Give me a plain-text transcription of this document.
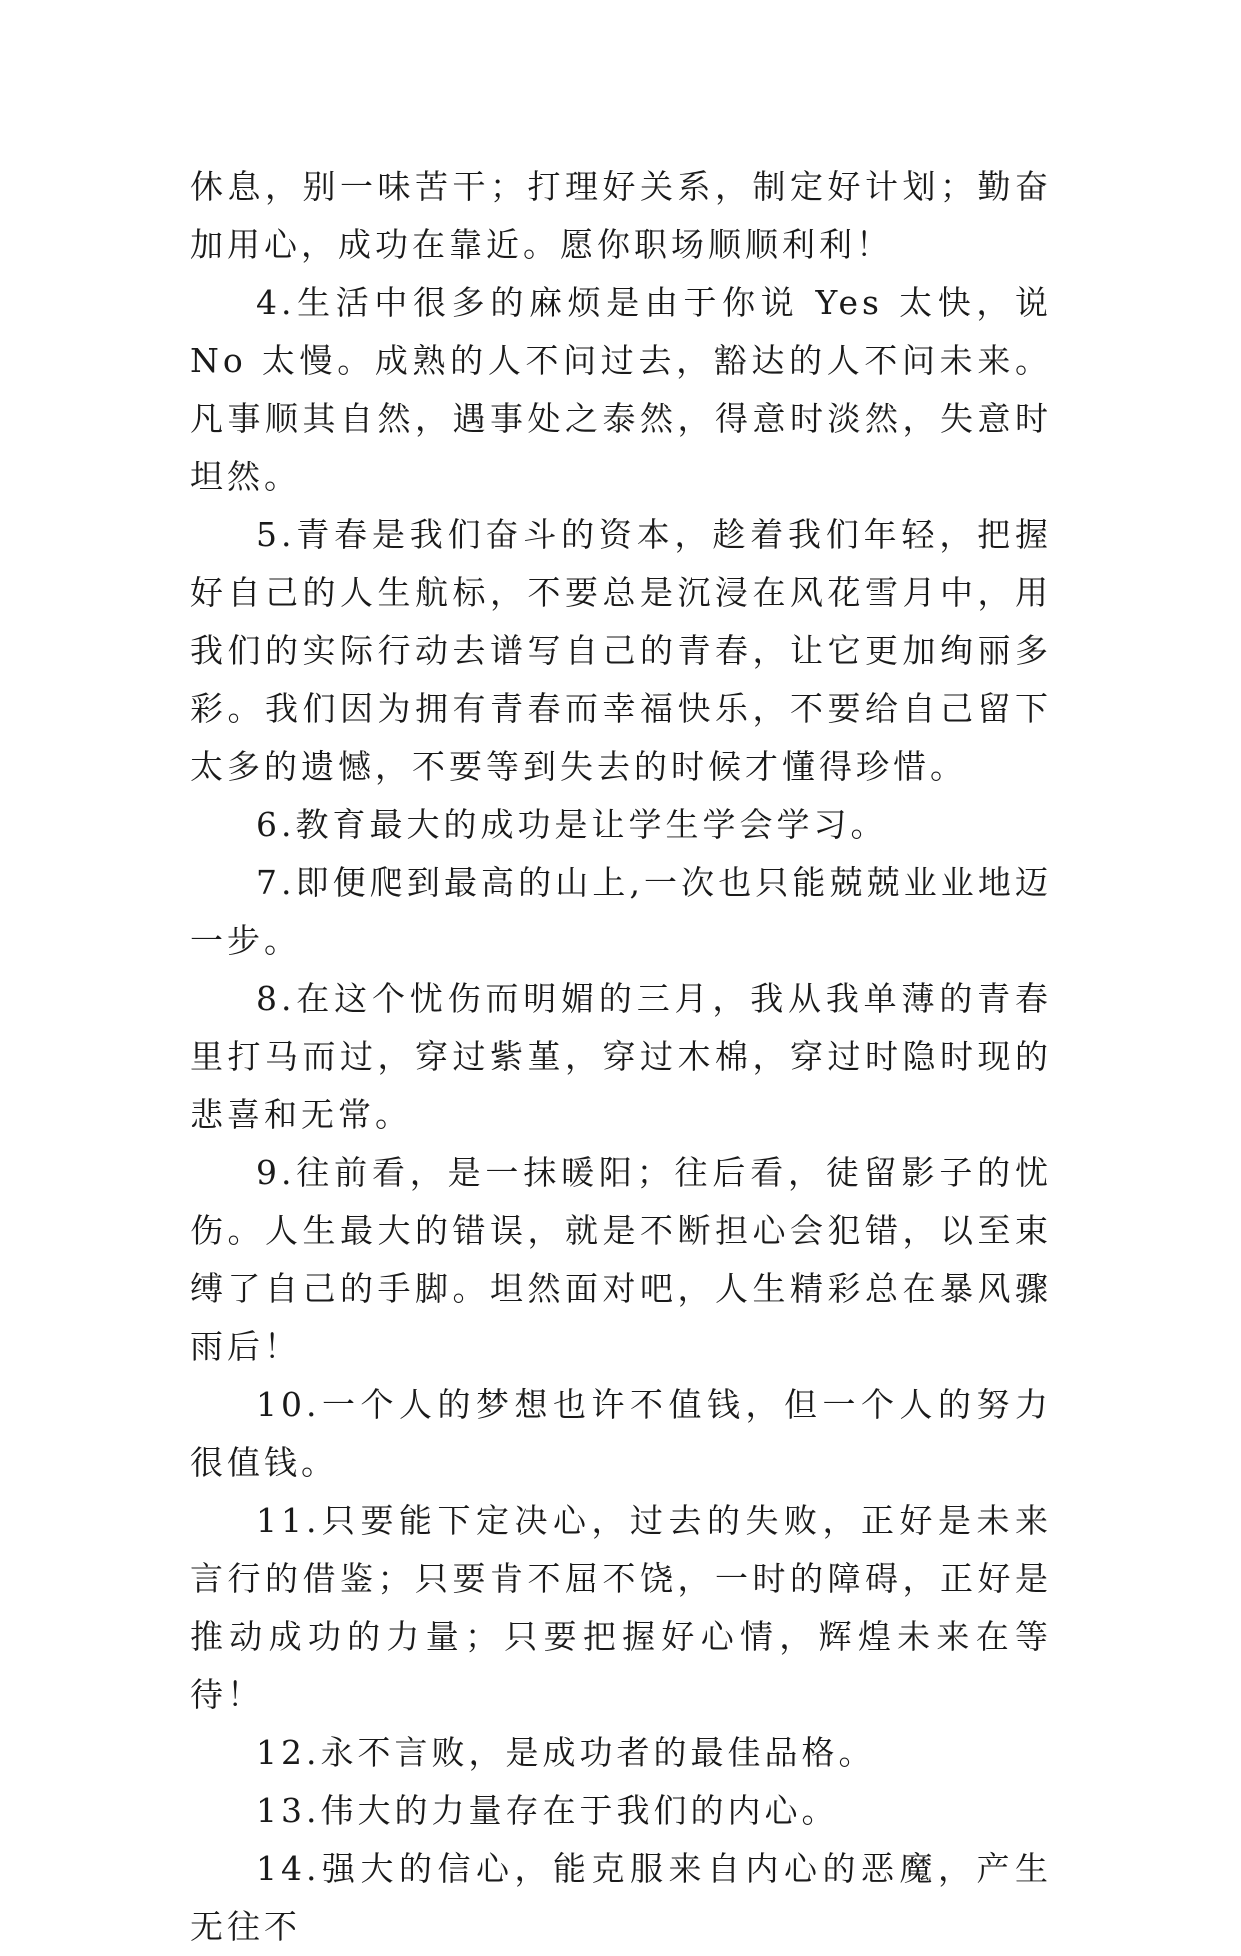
休息，别一味苦干；打理好关系，制定好计划；勤奋加用心，成功在靠近。愿你职场顺顺利利！

4.生活中很多的麻烦是由于你说 Yes 太快，说 No 太慢。成熟的人不问过去，豁达的人不问未来。凡事顺其自然，遇事处之泰然，得意时淡然，失意时坦然。

5.青春是我们奋斗的资本，趁着我们年轻，把握好自己的人生航标，不要总是沉浸在风花雪月中，用我们的实际行动去谱写自己的青春，让它更加绚丽多彩。我们因为拥有青春而幸福快乐，不要给自己留下太多的遗憾，不要等到失去的时候才懂得珍惜。

6.教育最大的成功是让学生学会学习。

7.即便爬到最高的山上,一次也只能兢兢业业地迈一步。

8.在这个忧伤而明媚的三月，我从我单薄的青春里打马而过，穿过紫堇，穿过木棉，穿过时隐时现的悲喜和无常。

9.往前看，是一抹暖阳；往后看，徒留影子的忧伤。人生最大的错误，就是不断担心会犯错，以至束缚了自己的手脚。坦然面对吧，人生精彩总在暴风骤雨后！

10.一个人的梦想也许不值钱，但一个人的努力很值钱。

11.只要能下定决心，过去的失败，正好是未来言行的借鉴；只要肯不屈不饶，一时的障碍，正好是推动成功的力量；只要把握好心情，辉煌未来在等待！

12.永不言败，是成功者的最佳品格。

13.伟大的力量存在于我们的内心。

14.强大的信心，能克服来自内心的恶魔，产生无往不
